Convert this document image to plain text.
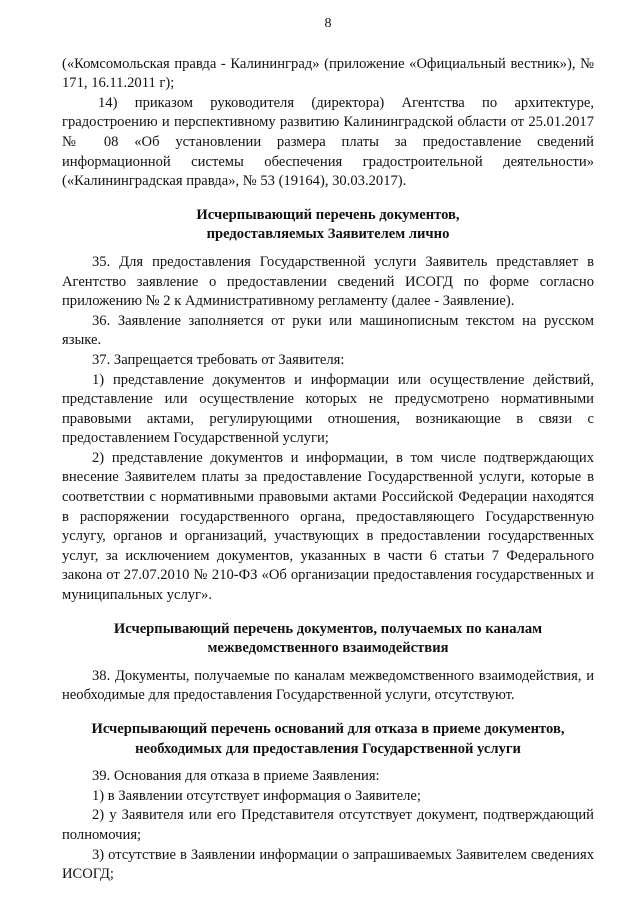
8

(«Комсомольская правда - Калининград» (приложение «Официальный вестник»), № 171, 16.11.2011 г);

14) приказом руководителя (директора) Агентства по архитектуре, градостроению и перспективному развитию Калининградской области от 25.01.2017 № 08 «Об установлении размера платы за предоставление сведений информационной системы обеспечения градостроительной деятельности» («Калининградская правда», № 53 (19164), 30.03.2017).

Исчерпывающий перечень документов,
предоставляемых Заявителем лично

35. Для предоставления Государственной услуги Заявитель представляет в Агентство заявление о предоставлении сведений ИСОГД по форме согласно приложению № 2 к Административному регламенту (далее - Заявление).

36. Заявление заполняется от руки или машинописным текстом на русском языке.

37. Запрещается требовать от Заявителя:

1) представление документов и информации или осуществление действий, представление или осуществление которых не предусмотрено нормативными правовыми актами, регулирующими отношения, возникающие в связи с предоставлением Государственной услуги;

2) представление документов и информации, в том числе подтверждающих внесение Заявителем платы за предоставление Государственной услуги, которые в соответствии с нормативными правовыми актами Российской Федерации находятся в распоряжении государственного органа, предоставляющего Государственную услугу, органов и организаций, участвующих в предоставлении государственных услуг, за исключением документов, указанных в части 6 статьи 7 Федерального закона от 27.07.2010 № 210-ФЗ «Об организации предоставления государственных и муниципальных услуг».

Исчерпывающий перечень документов, получаемых по каналам
межведомственного взаимодействия

38. Документы, получаемые по каналам межведомственного взаимодействия, и необходимые для предоставления Государственной услуги, отсутствуют.

Исчерпывающий перечень оснований для отказа в приеме документов,
необходимых для предоставления Государственной услуги

39. Основания для отказа в приеме Заявления:

1) в Заявлении отсутствует информация о Заявителе;

2) у Заявителя или его Представителя отсутствует документ, подтверждающий полномочия;

3) отсутствие в Заявлении информации о запрашиваемых Заявителем сведениях ИСОГД;
